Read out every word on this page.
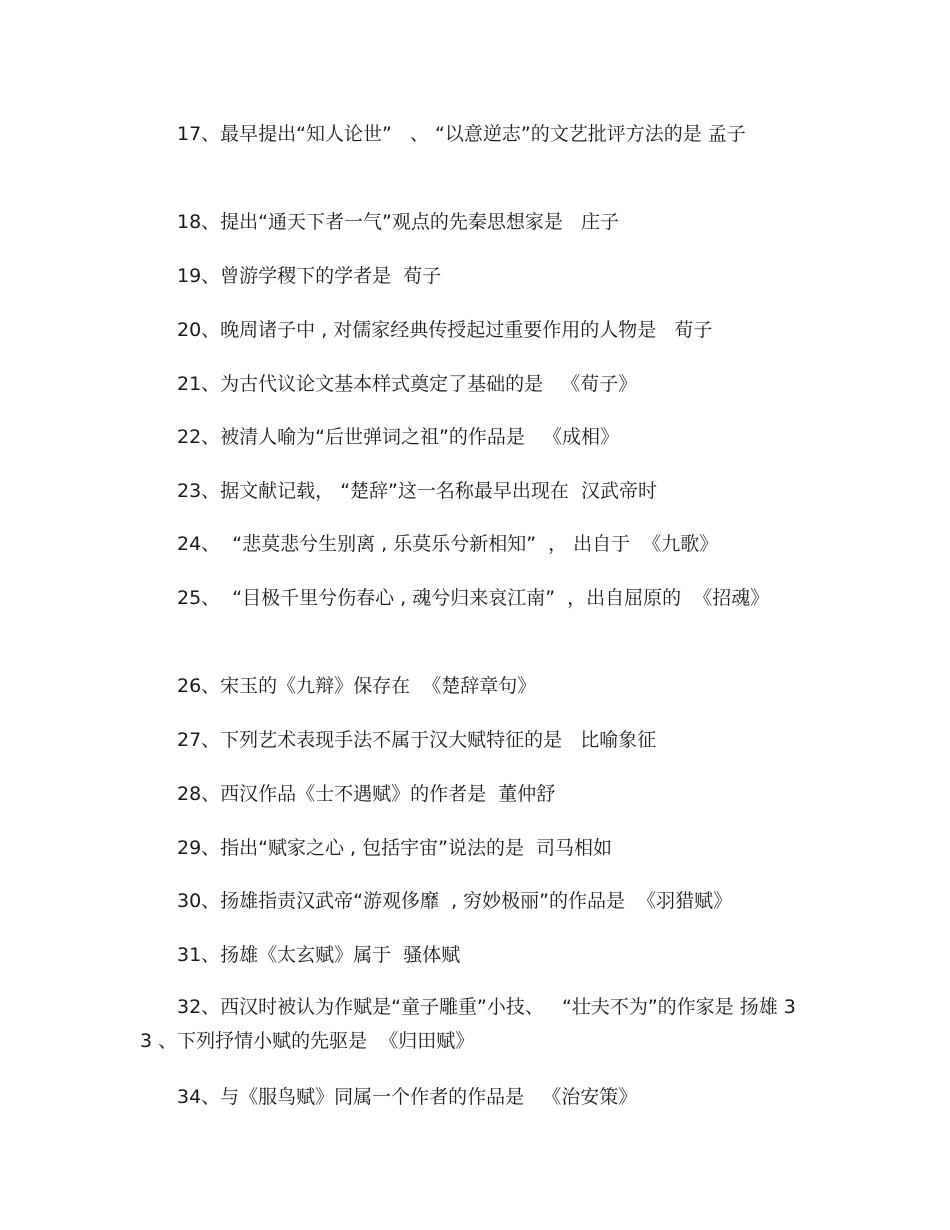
17、最早提出“知人论世”   、 “以意逆志”的文艺批评方法的是 孟子

18、提出“通天下者一气”观点的先秦思想家是   庄子

19、曾游学稷下的学者是  荀子

20、晚周诸子中 , 对儒家经典传授起过重要作用的人物是   荀子

21、为古代议论文基本样式奠定了基础的是   《荀子》

22、被清人喻为“后世弹词之祖”的作品是   《成相》

23、据文献记载， “楚辞”这一名称最早出现在  汉武帝时

24、  “悲莫悲兮生别离 , 乐莫乐兮新相知”  ， 出自于  《九歌》

25、  “目极千里兮伤春心 , 魂兮归来哀江南”  ，出自屈原的  《招魂》

26、宋玉的《九辩》保存在  《楚辞章句》

27、下列艺术表现手法不属于汉大赋特征的是   比喻象征

28、西汉作品《士不遇赋》的作者是  董仲舒

29、指出“赋家之心 , 包括宇宙”说法的是  司马相如

30、扬雄指责汉武帝“游观侈靡  , 穷妙极丽”的作品是  《羽猎赋》

31、扬雄《太玄赋》属于  骚体赋

32、西汉时被认为作赋是“童子雕重”小技、   “壮夫不为”的作家是 扬雄 33 、下列抒情小赋的先驱是  《归田赋》

34、与《服鸟赋》同属一个作者的作品是   《治安策》
